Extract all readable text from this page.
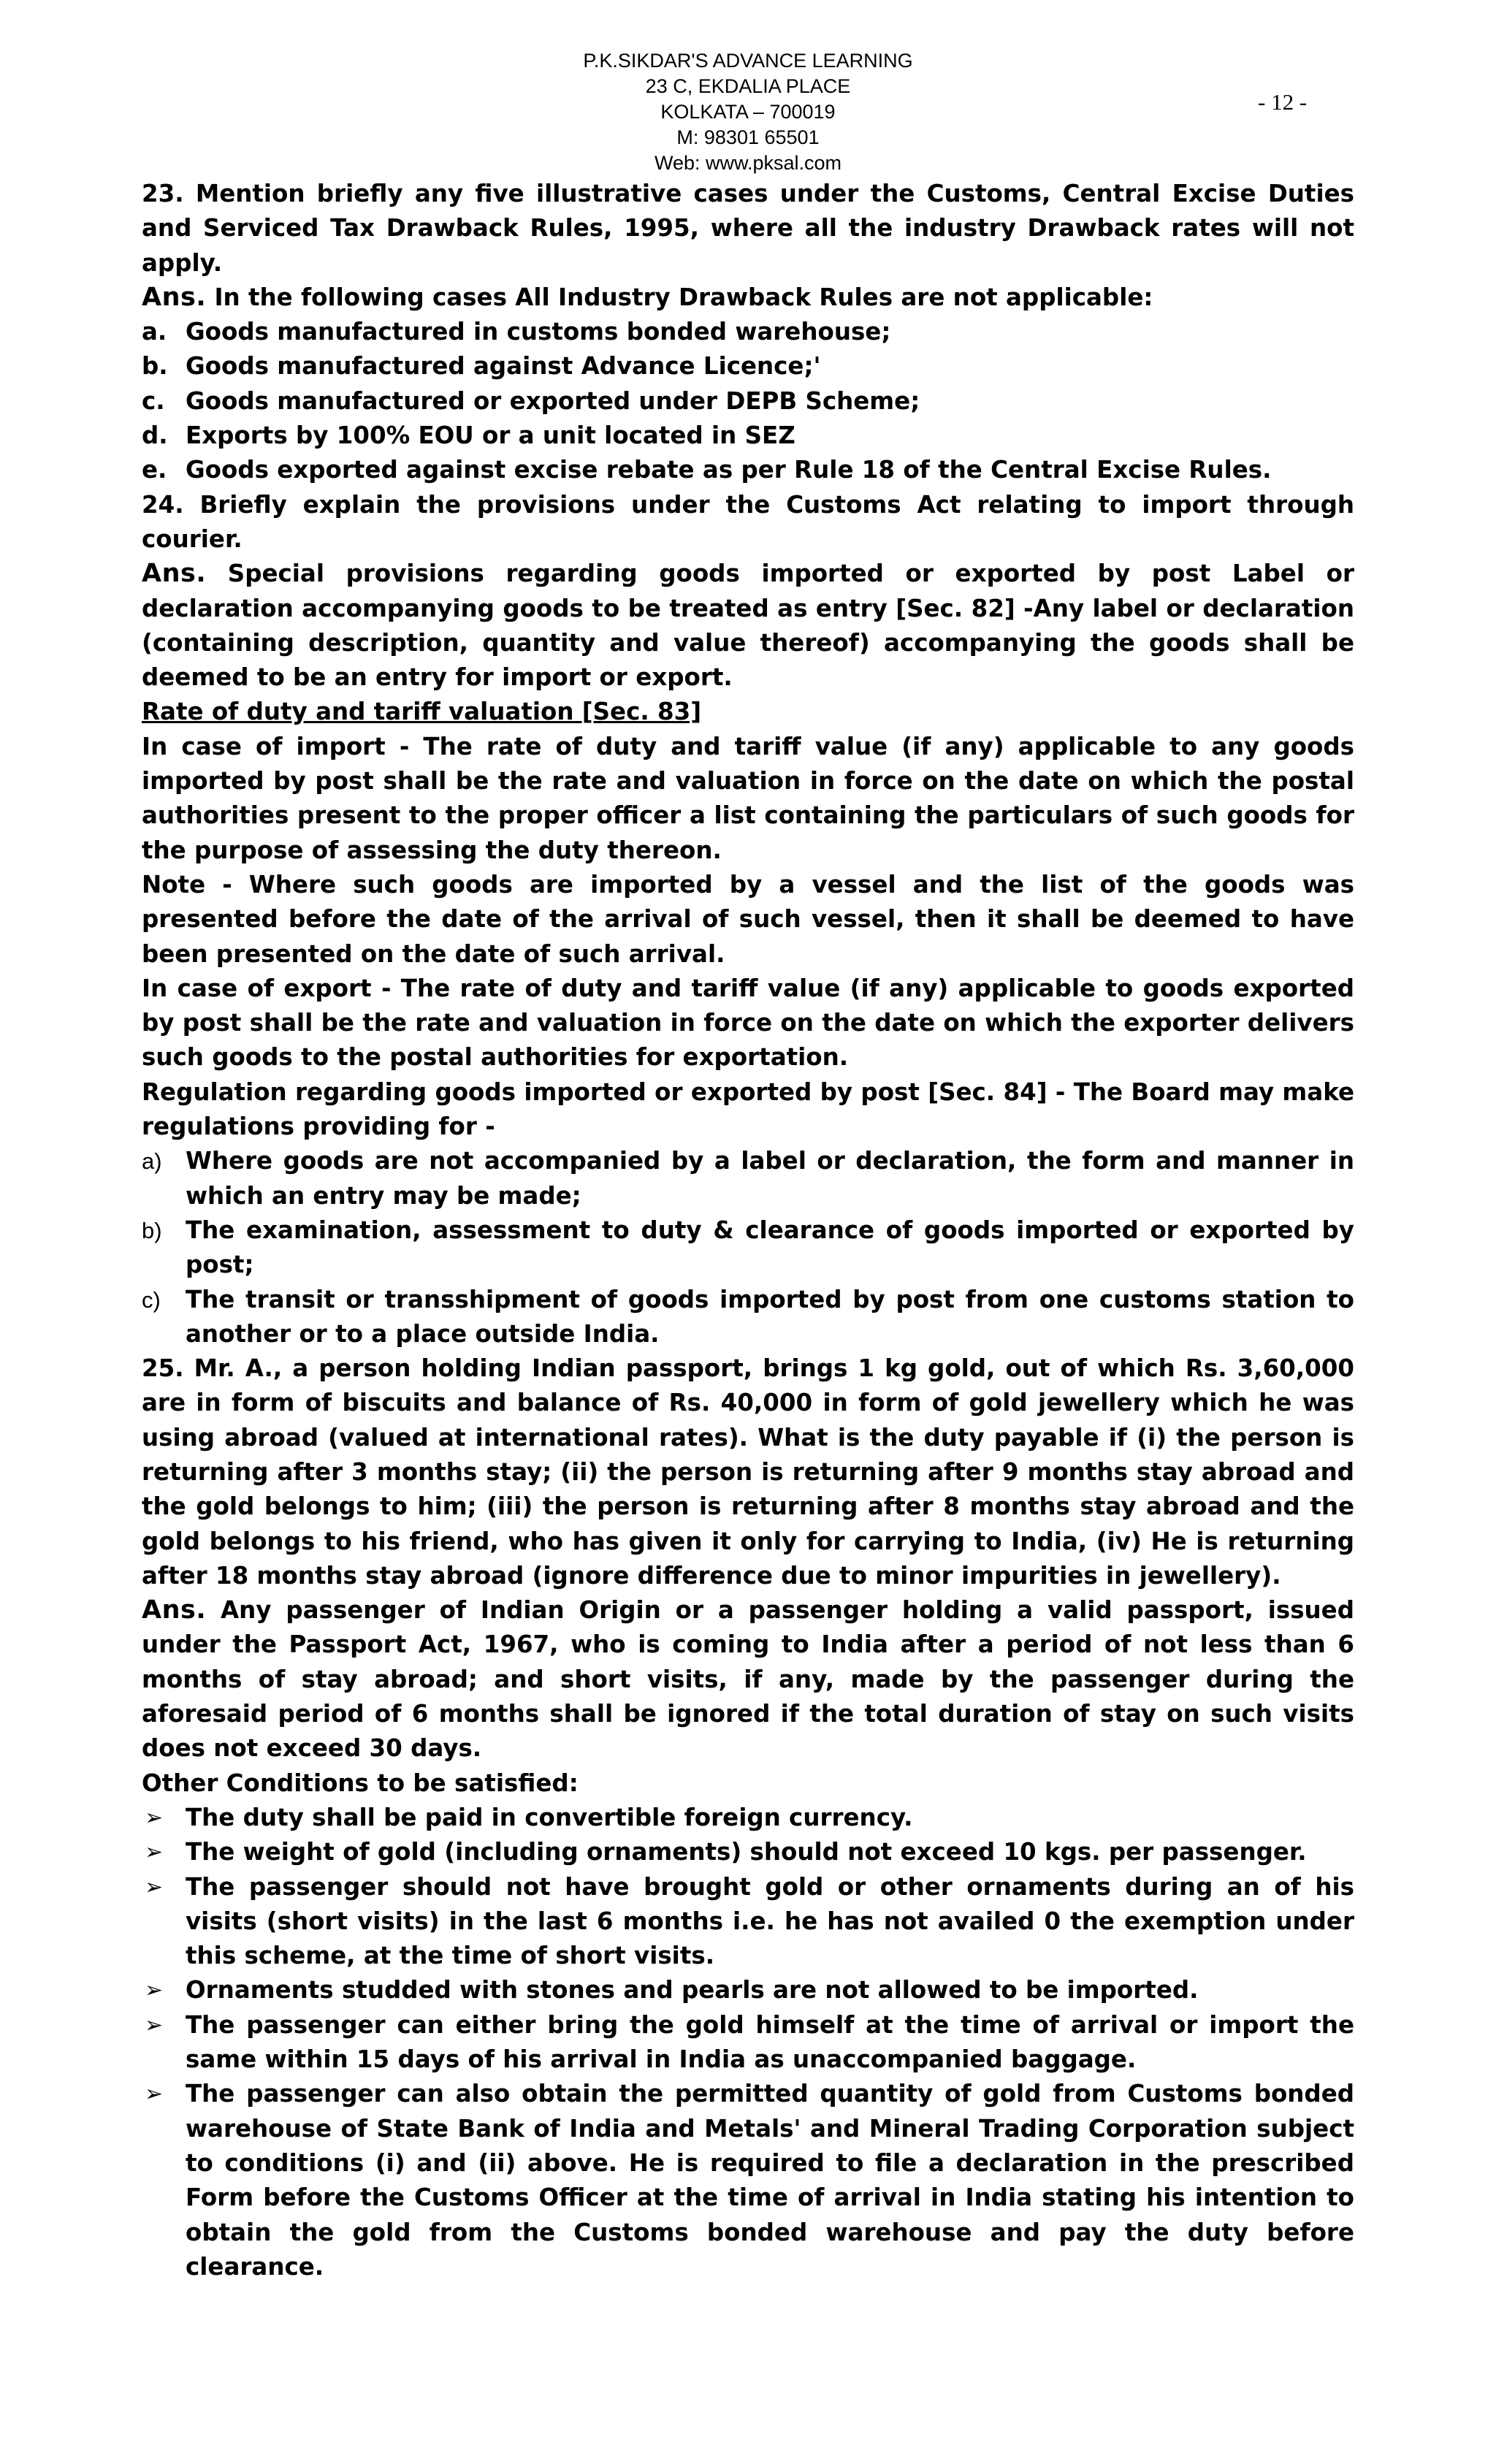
P.K.SIKDAR'S ADVANCE LEARNING
23 C, EKDALIA PLACE
KOLKATA – 700019
M: 98301 65501
Web: www.pksal.com
- 12 -

23. Mention briefly any five illustrative cases under the Customs, Central Excise Duties and Serviced Tax Drawback Rules, 1995, where all the industry Drawback rates will not apply.

Ans. In the following cases All Industry Drawback Rules are not applicable:

a. Goods manufactured in customs bonded warehouse;
b. Goods manufactured against Advance Licence;'
c. Goods manufactured or exported under DEPB Scheme;
d. Exports by 100% EOU or a unit located in SEZ
e. Goods exported against excise rebate as per Rule 18 of the Central Excise Rules.

24. Briefly explain the provisions under the Customs Act relating to import through courier.

Ans. Special provisions regarding goods imported or exported by post Label or declaration accompanying goods to be treated as entry [Sec. 82] -Any label or declaration (containing description, quantity and value thereof) accompanying the goods shall be deemed to be an entry for import or export.

Rate of duty and tariff valuation [Sec. 83]

In case of import - The rate of duty and tariff value (if any) applicable to any goods imported by post shall be the rate and valuation in force on the date on which the postal authorities present to the proper officer a list containing the particulars of such goods for the purpose of assessing the duty thereon.

Note - Where such goods are imported by a vessel and the list of the goods was presented before the date of the arrival of such vessel, then it shall be deemed to have been presented on the date of such arrival.

In case of export - The rate of duty and tariff value (if any) applicable to goods exported by post shall be the rate and valuation in force on the date on which the exporter delivers such goods to the postal authorities for exportation.

Regulation regarding goods imported or exported by post [Sec. 84] - The Board may make regulations providing for -

a) Where goods are not accompanied by a label or declaration, the form and manner in which an entry may be made;
b) The examination, assessment to duty & clearance of goods imported or exported by post;
c) The transit or transshipment of goods imported by post from one customs station to another or to a place outside India.

25. Mr. A., a person holding Indian passport, brings 1 kg gold, out of which Rs. 3,60,000 are in form of biscuits and balance of Rs. 40,000 in form of gold jewellery which he was using abroad (valued at international rates). What is the duty payable if (i) the person is returning after 3 months stay; (ii) the person is returning after 9 months stay abroad and the gold belongs to him; (iii) the person is returning after 8 months stay abroad and the gold belongs to his friend, who has given it only for carrying to India, (iv) He is returning after 18 months stay abroad (ignore difference due to minor impurities in jewellery).

Ans. Any passenger of Indian Origin or a passenger holding a valid passport, issued under the Passport Act, 1967, who is coming to India after a period of not less than 6 months of stay abroad; and short visits, if any, made by the passenger during the aforesaid period of 6 months shall be ignored if the total duration of stay on such visits does not exceed 30 days.

Other Conditions to be satisfied:

➢ The duty shall be paid in convertible foreign currency.
➢ The weight of gold (including ornaments) should not exceed 10 kgs. per passenger.
➢ The passenger should not have brought gold or other ornaments during an of his visits (short visits) in the last 6 months i.e. he has not availed 0 the exemption under this scheme, at the time of short visits.
➢ Ornaments studded with stones and pearls are not allowed to be imported.
➢ The passenger can either bring the gold himself at the time of arrival or import the same within 15 days of his arrival in India as unaccompanied baggage.
➢ The passenger can also obtain the permitted quantity of gold from Customs bonded warehouse of State Bank of India and Metals' and Mineral Trading Corporation subject to conditions (i) and (ii) above. He is required to file a declaration in the prescribed Form before the Customs Officer at the time of arrival in India stating his intention to obtain the gold from the Customs bonded warehouse and pay the duty before clearance.
